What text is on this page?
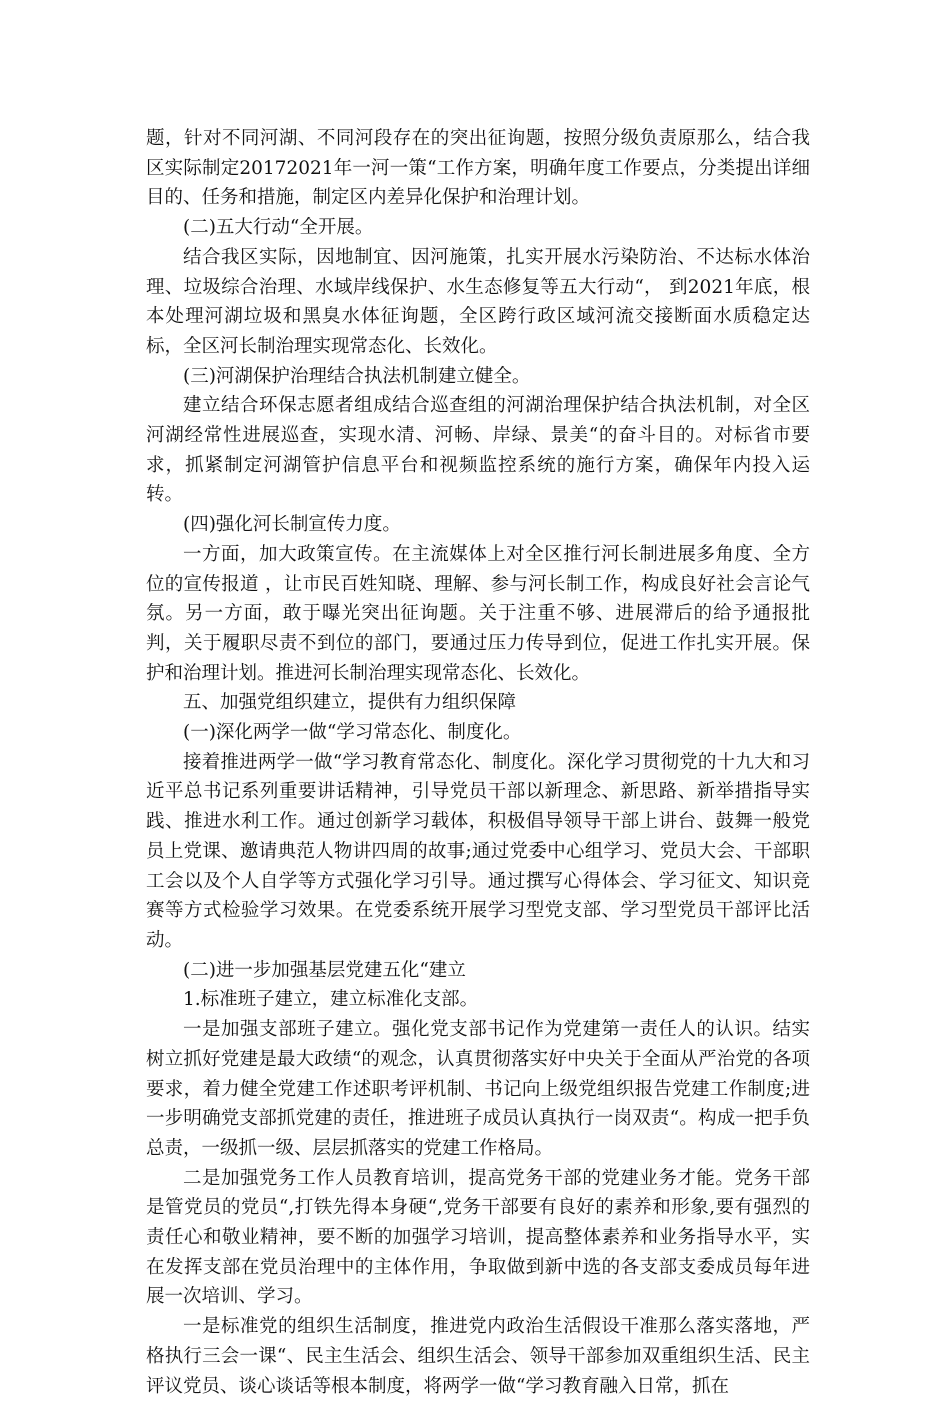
题，针对不同河湖、不同河段存在的突出征询题，按照分级负责原那么，结合我区实际制定20172021年一河一策“工作方案，明确年度工作要点，分类提出详细目的、任务和措施，制定区内差异化保护和治理计划。

(二)五大行动“全开展。

结合我区实际，因地制宜、因河施策，扎实开展水污染防治、不达标水体治理、垃圾综合治理、水域岸线保护、水生态修复等五大行动“， 到2021年底，根本处理河湖垃圾和黑臭水体征询题，全区跨行政区域河流交接断面水质稳定达标，全区河长制治理实现常态化、长效化。

(三)河湖保护治理结合执法机制建立健全。

建立结合环保志愿者组成结合巡查组的河湖治理保护结合执法机制，对全区河湖经常性进展巡查，实现水清、河畅、岸绿、景美“的奋斗目的。对标省市要求，抓紧制定河湖管护信息平台和视频监控系统的施行方案，确保年内投入运转。

(四)强化河长制宣传力度。

一方面，加大政策宣传。在主流媒体上对全区推行河长制进展多角度、全方位的宣传报道 ，让市民百姓知晓、理解、参与河长制工作，构成良好社会言论气氛。另一方面，敢于曝光突出征询题。关于注重不够、进展滞后的给予通报批判，关于履职尽责不到位的部门，要通过压力传导到位，促进工作扎实开展。保护和治理计划。推进河长制治理实现常态化、长效化。

五、加强党组织建立，提供有力组织保障

(一)深化两学一做“学习常态化、制度化。

接着推进两学一做“学习教育常态化、制度化。深化学习贯彻党的十九大和习近平总书记系列重要讲话精神，引导党员干部以新理念、新思路、新举措指导实践、推进水利工作。通过创新学习载体，积极倡导领导干部上讲台、鼓舞一般党员上党课、邀请典范人物讲四周的故事;通过党委中心组学习、党员大会、干部职工会以及个人自学等方式强化学习引导。通过撰写心得体会、学习征文、知识竞赛等方式检验学习效果。在党委系统开展学习型党支部、学习型党员干部评比活动。

(二)进一步加强基层党建五化“建立

1.标准班子建立，建立标准化支部。

一是加强支部班子建立。强化党支部书记作为党建第一责任人的认识。结实树立抓好党建是最大政绩“的观念，认真贯彻落实好中央关于全面从严治党的各项要求，着力健全党建工作述职考评机制、书记向上级党组织报告党建工作制度;进一步明确党支部抓党建的责任，推进班子成员认真执行一岗双责“。构成一把手负总责，一级抓一级、层层抓落实的党建工作格局。

二是加强党务工作人员教育培训，提高党务干部的党建业务才能。党务干部是管党员的党员“,打铁先得本身硬“,党务干部要有良好的素养和形象,要有强烈的责任心和敬业精神，要不断的加强学习培训，提高整体素养和业务指导水平，实在发挥支部在党员治理中的主体作用，争取做到新中选的各支部支委成员每年进展一次培训、学习。

一是标准党的组织生活制度，推进党内政治生活假设干准那么落实落地，严格执行三会一课“、民主生活会、组织生活会、领导干部参加双重组织生活、民主评议党员、谈心谈话等根本制度，将两学一做“学习教育融入日常，抓在
